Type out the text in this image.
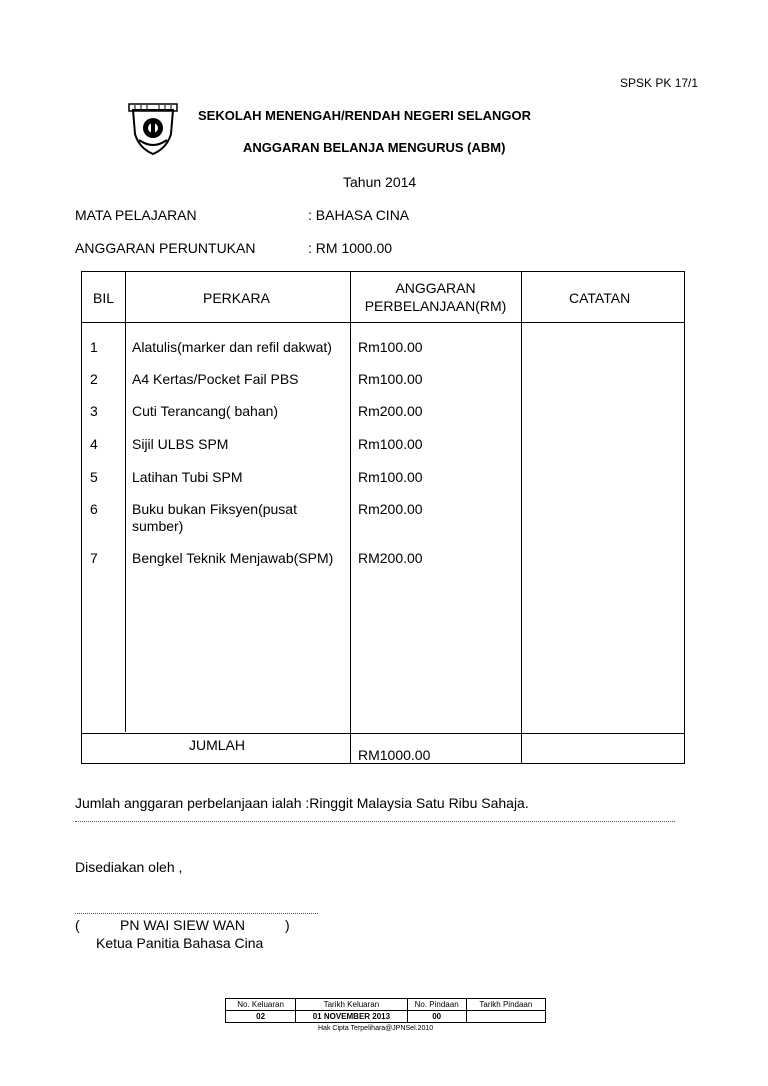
SPSK PK 17/1
SEKOLAH MENENGAH/RENDAH NEGERI SELANGOR
ANGGARAN BELANJA MENGURUS (ABM)
Tahun 2014
MATA PELAJARAN	: BAHASA CINA
ANGGARAN PERUNTUKAN	: RM 1000.00
BIL	PERKARA
ANGGARAN
PERBELANJAAN(RM)	CATATAN
1 Alatulis(marker dan refil dakwat) Rm100.00
2 A4 Kertas/Pocket Fail PBS	Rm100.00
3 Cuti Terancang( bahan)	Rm200.00
4 Sijil ULBS SPM	Rm100.00
5 Latihan Tubi SPM	Rm100.00
6 Buku bukan Fiksyen(pusat
sumber)
Rm200.00
7 Bengkel Teknik Menjawab(SPM) RM200.00
JUMLAH
RM1000.00
Jumlah anggaran perbelanjaan ialah :Ringgit Malaysia Satu Ribu Sahaja.
Disediakan oleh ,
(	PN WAI SIEW WAN	)
Ketua Panitia Bahasa Cina
No. Keluaran	Tarikh Keluaran	No. Pindaan	Tarikh Pindaan
02	01 NOVEMBER 2013	00	
Hak Cipta Terpelihara@JPNSel.2010
